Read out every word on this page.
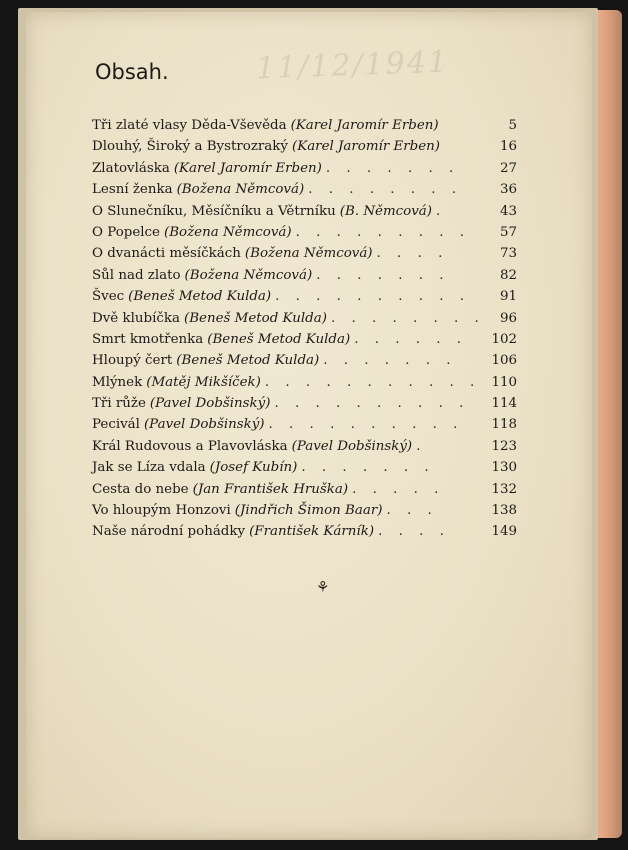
11/12/1941
Obsah.
Tři zlaté vlasy Děda-Vševěda (Karel Jaromír Erben)	5
Dlouhý, Široký a Bystrozraký (Karel Jaromír Erben)	16
Zlatovláska (Karel Jaromír Erben) . . . . . . .	27
Lesní ženka (Božena Němcová) . . . . . . . .	36
O Slunečníku, Měsíčníku a Větrníku (B. Němcová) .	43
O Popelce (Božena Němcová) . . . . . . . . .	57
O dvanácti měsíčkách (Božena Němcová) . . . .	73
Sůl nad zlato (Božena Němcová) . . . . . . .	82
Švec (Beneš Metod Kulda) . . . . . . . . . .	91
Dvě klubíčka (Beneš Metod Kulda) . . . . . . . .	96
Smrt kmotřenka (Beneš Metod Kulda) . . . . . .	102
Hloupý čert (Beneš Metod Kulda) . . . . . . .	106
Mlýnek (Matěj Mikšíček) . . . . . . . . . . . 110
Tři růže (Pavel Dobšinský) . . . . . . . . . .	114
Pecivál (Pavel Dobšinský) . . . . . . . . . .	118
Král Rudovous a Plavovláska (Pavel Dobšinský) .	123
Jak se Líza vdala (Josef Kubín) . . . . . . .	130
Cesta do nebe (Jan František Hruška) . . . . .	132
Vo hloupým Honzovi (Jindřich Šimon Baar) . . .	138
Naše národní pohádky (František Kárník) . . . .	149
⚘
